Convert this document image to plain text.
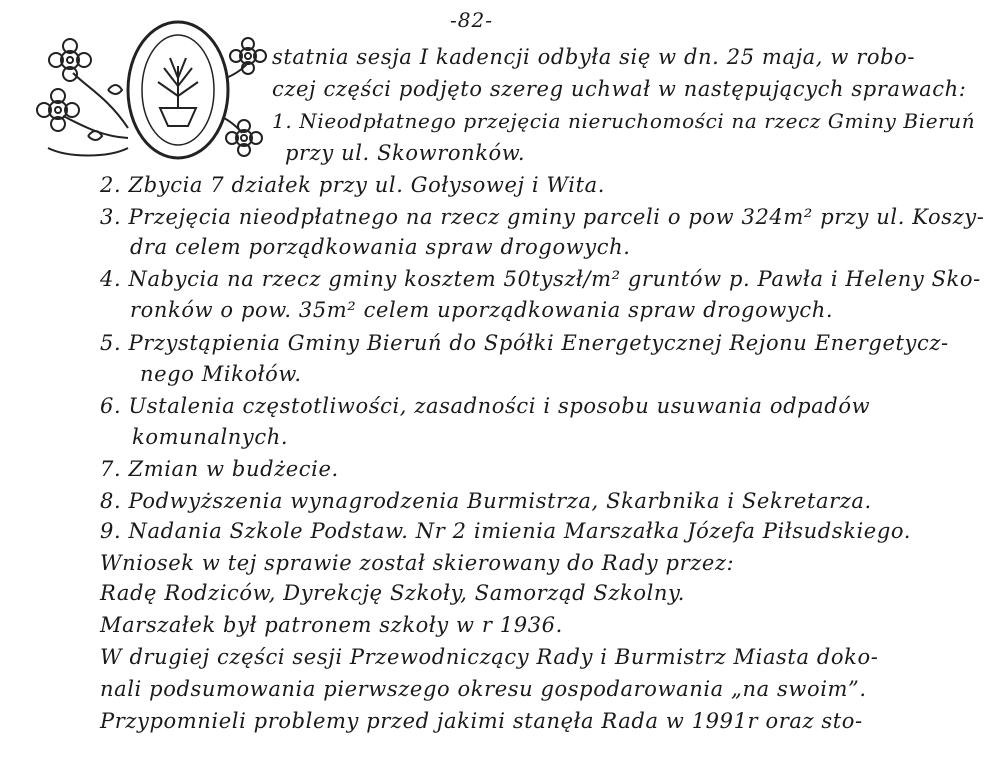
-82-
statnia sesja I kadencji odbyła się w dn. 25 maja, w robo-
czej części podjęto szereg uchwał w następujących sprawach:
1. Nieodpłatnego przejęcia nieruchomości na rzecz Gminy Bieruń
przy ul. Skowronków.
2. Zbycia 7 działek przy ul. Gołysowej i Wita.
3. Przejęcia nieodpłatnego na rzecz gminy parceli o pow 324m² przy ul. Koszy-
dra celem porządkowania spraw drogowych.
4. Nabycia na rzecz gminy kosztem 50tyszł/m² gruntów p. Pawła i Heleny Sko-
ronków o pow. 35m² celem uporządkowania spraw drogowych.
5. Przystąpienia Gminy Bieruń do Spółki Energetycznej Rejonu Energetycz-
nego Mikołów.
6. Ustalenia częstotliwości, zasadności i sposobu usuwania odpadów
komunalnych.
7. Zmian w budżecie.
8. Podwyższenia wynagrodzenia Burmistrza, Skarbnika i Sekretarza.
9. Nadania Szkole Podstaw. Nr 2 imienia Marszałka Józefa Piłsudskiego.
Wniosek w tej sprawie został skierowany do Rady przez:
Radę Rodziców, Dyrekcję Szkoły, Samorząd Szkolny.
Marszałek był patronem szkoły w r 1936.
W drugiej części sesji Przewodniczący Rady i Burmistrz Miasta doko-
nali podsumowania pierwszego okresu gospodarowania „na swoim”.
Przypomnieli problemy przed jakimi stanęła Rada w 1991r oraz sto-
